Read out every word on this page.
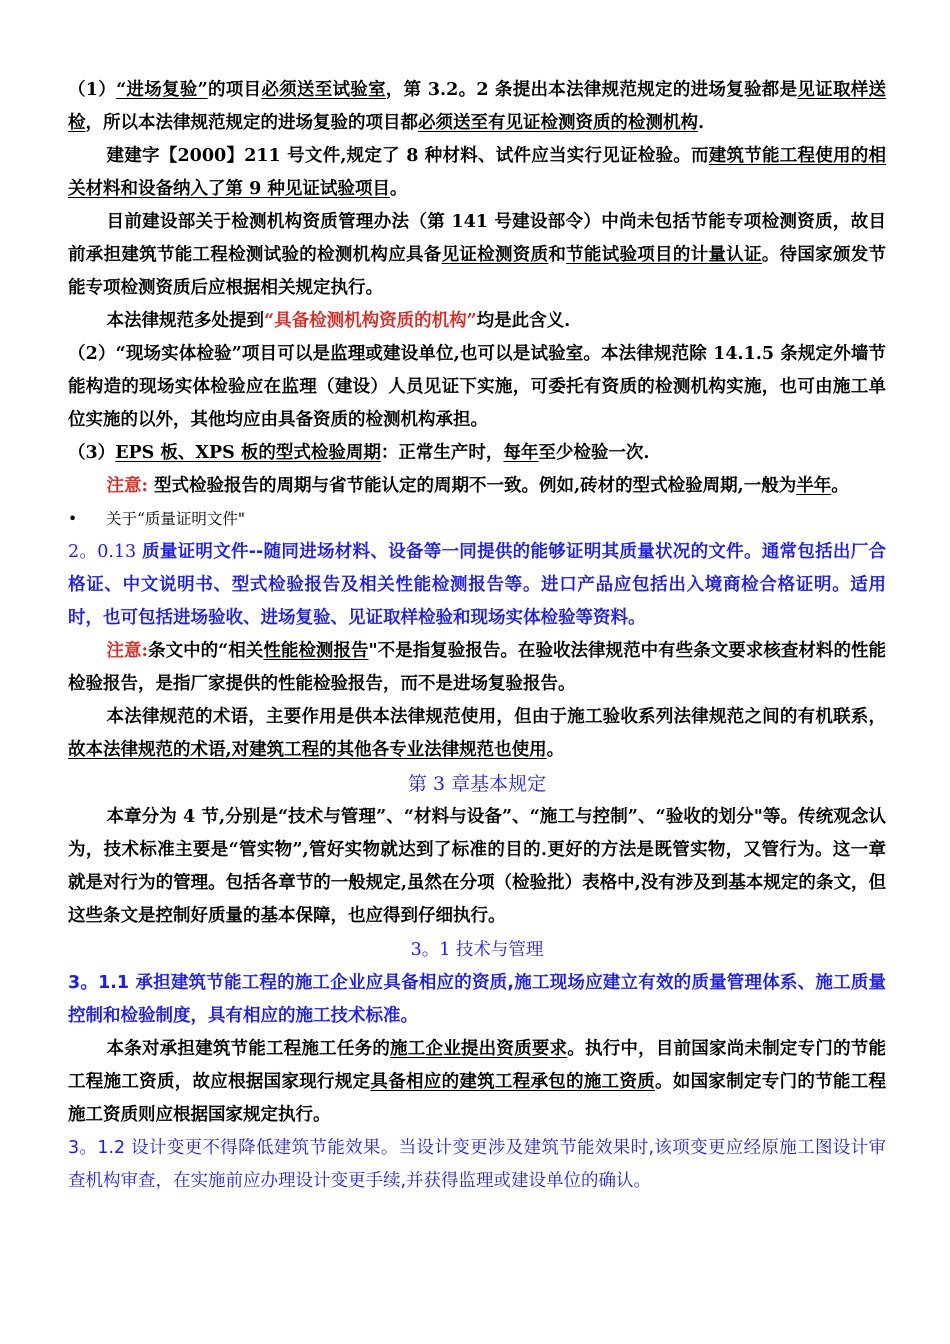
（1）“进场复验”的项目必须送至试验室，第 3.2。2 条提出本法律规范规定的进场复验都是见证取样送检，所以本法律规范规定的进场复验的项目都必须送至有见证检测资质的检测机构.

建建字【2000】211 号文件,规定了 8 种材料、试件应当实行见证检验。而建筑节能工程使用的相关材料和设备纳入了第 9 种见证试验项目。

目前建设部关于检测机构资质管理办法（第 141 号建设部令）中尚未包括节能专项检测资质，故目前承担建筑节能工程检测试验的检测机构应具备见证检测资质和节能试验项目的计量认证。待国家颁发节能专项检测资质后应根据相关规定执行。

本法律规范多处提到“具备检测机构资质的机构”均是此含义.

（2）“现场实体检验”项目可以是监理或建设单位,也可以是试验室。本法律规范除 14.1.5 条规定外墙节能构造的现场实体检验应在监理（建设）人员见证下实施，可委托有资质的检测机构实施，也可由施工单位实施的以外，其他均应由具备资质的检测机构承担。

（3）EPS 板、XPS 板的型式检验周期：正常生产时，每年至少检验一次.

注意: 型式检验报告的周期与省节能认定的周期不一致。例如,砖材的型式检验周期,一般为半年。

• 关于“质量证明文件"

2。0.13 质量证明文件--随同进场材料、设备等一同提供的能够证明其质量状况的文件。通常包括出厂合格证、中文说明书、型式检验报告及相关性能检测报告等。进口产品应包括出入境商检合格证明。适用时，也可包括进场验收、进场复验、见证取样检验和现场实体检验等资料。

注意:条文中的“相关性能检测报告"不是指复验报告。在验收法律规范中有些条文要求核查材料的性能检验报告，是指厂家提供的性能检验报告，而不是进场复验报告。

本法律规范的术语，主要作用是供本法律规范使用，但由于施工验收系列法律规范之间的有机联系，故本法律规范的术语,对建筑工程的其他各专业法律规范也使用。

第 3 章基本规定

本章分为 4 节,分别是“技术与管理”、“材料与设备”、“施工与控制”、“验收的划分"等。传统观念认为，技术标准主要是“管实物”,管好实物就达到了标准的目的.更好的方法是既管实物，又管行为。这一章就是对行为的管理。包括各章节的一般规定,虽然在分项（检验批）表格中,没有涉及到基本规定的条文，但这些条文是控制好质量的基本保障，也应得到仔细执行。

3。1 技术与管理

3。1.1 承担建筑节能工程的施工企业应具备相应的资质,施工现场应建立有效的质量管理体系、施工质量控制和检验制度，具有相应的施工技术标准。

本条对承担建筑节能工程施工任务的施工企业提出资质要求。执行中，目前国家尚未制定专门的节能工程施工资质，故应根据国家现行规定具备相应的建筑工程承包的施工资质。如国家制定专门的节能工程施工资质则应根据国家规定执行。

3。1.2 设计变更不得降低建筑节能效果。当设计变更涉及建筑节能效果时,该项变更应经原施工图设计审查机构审查，在实施前应办理设计变更手续,并获得监理或建设单位的确认。
